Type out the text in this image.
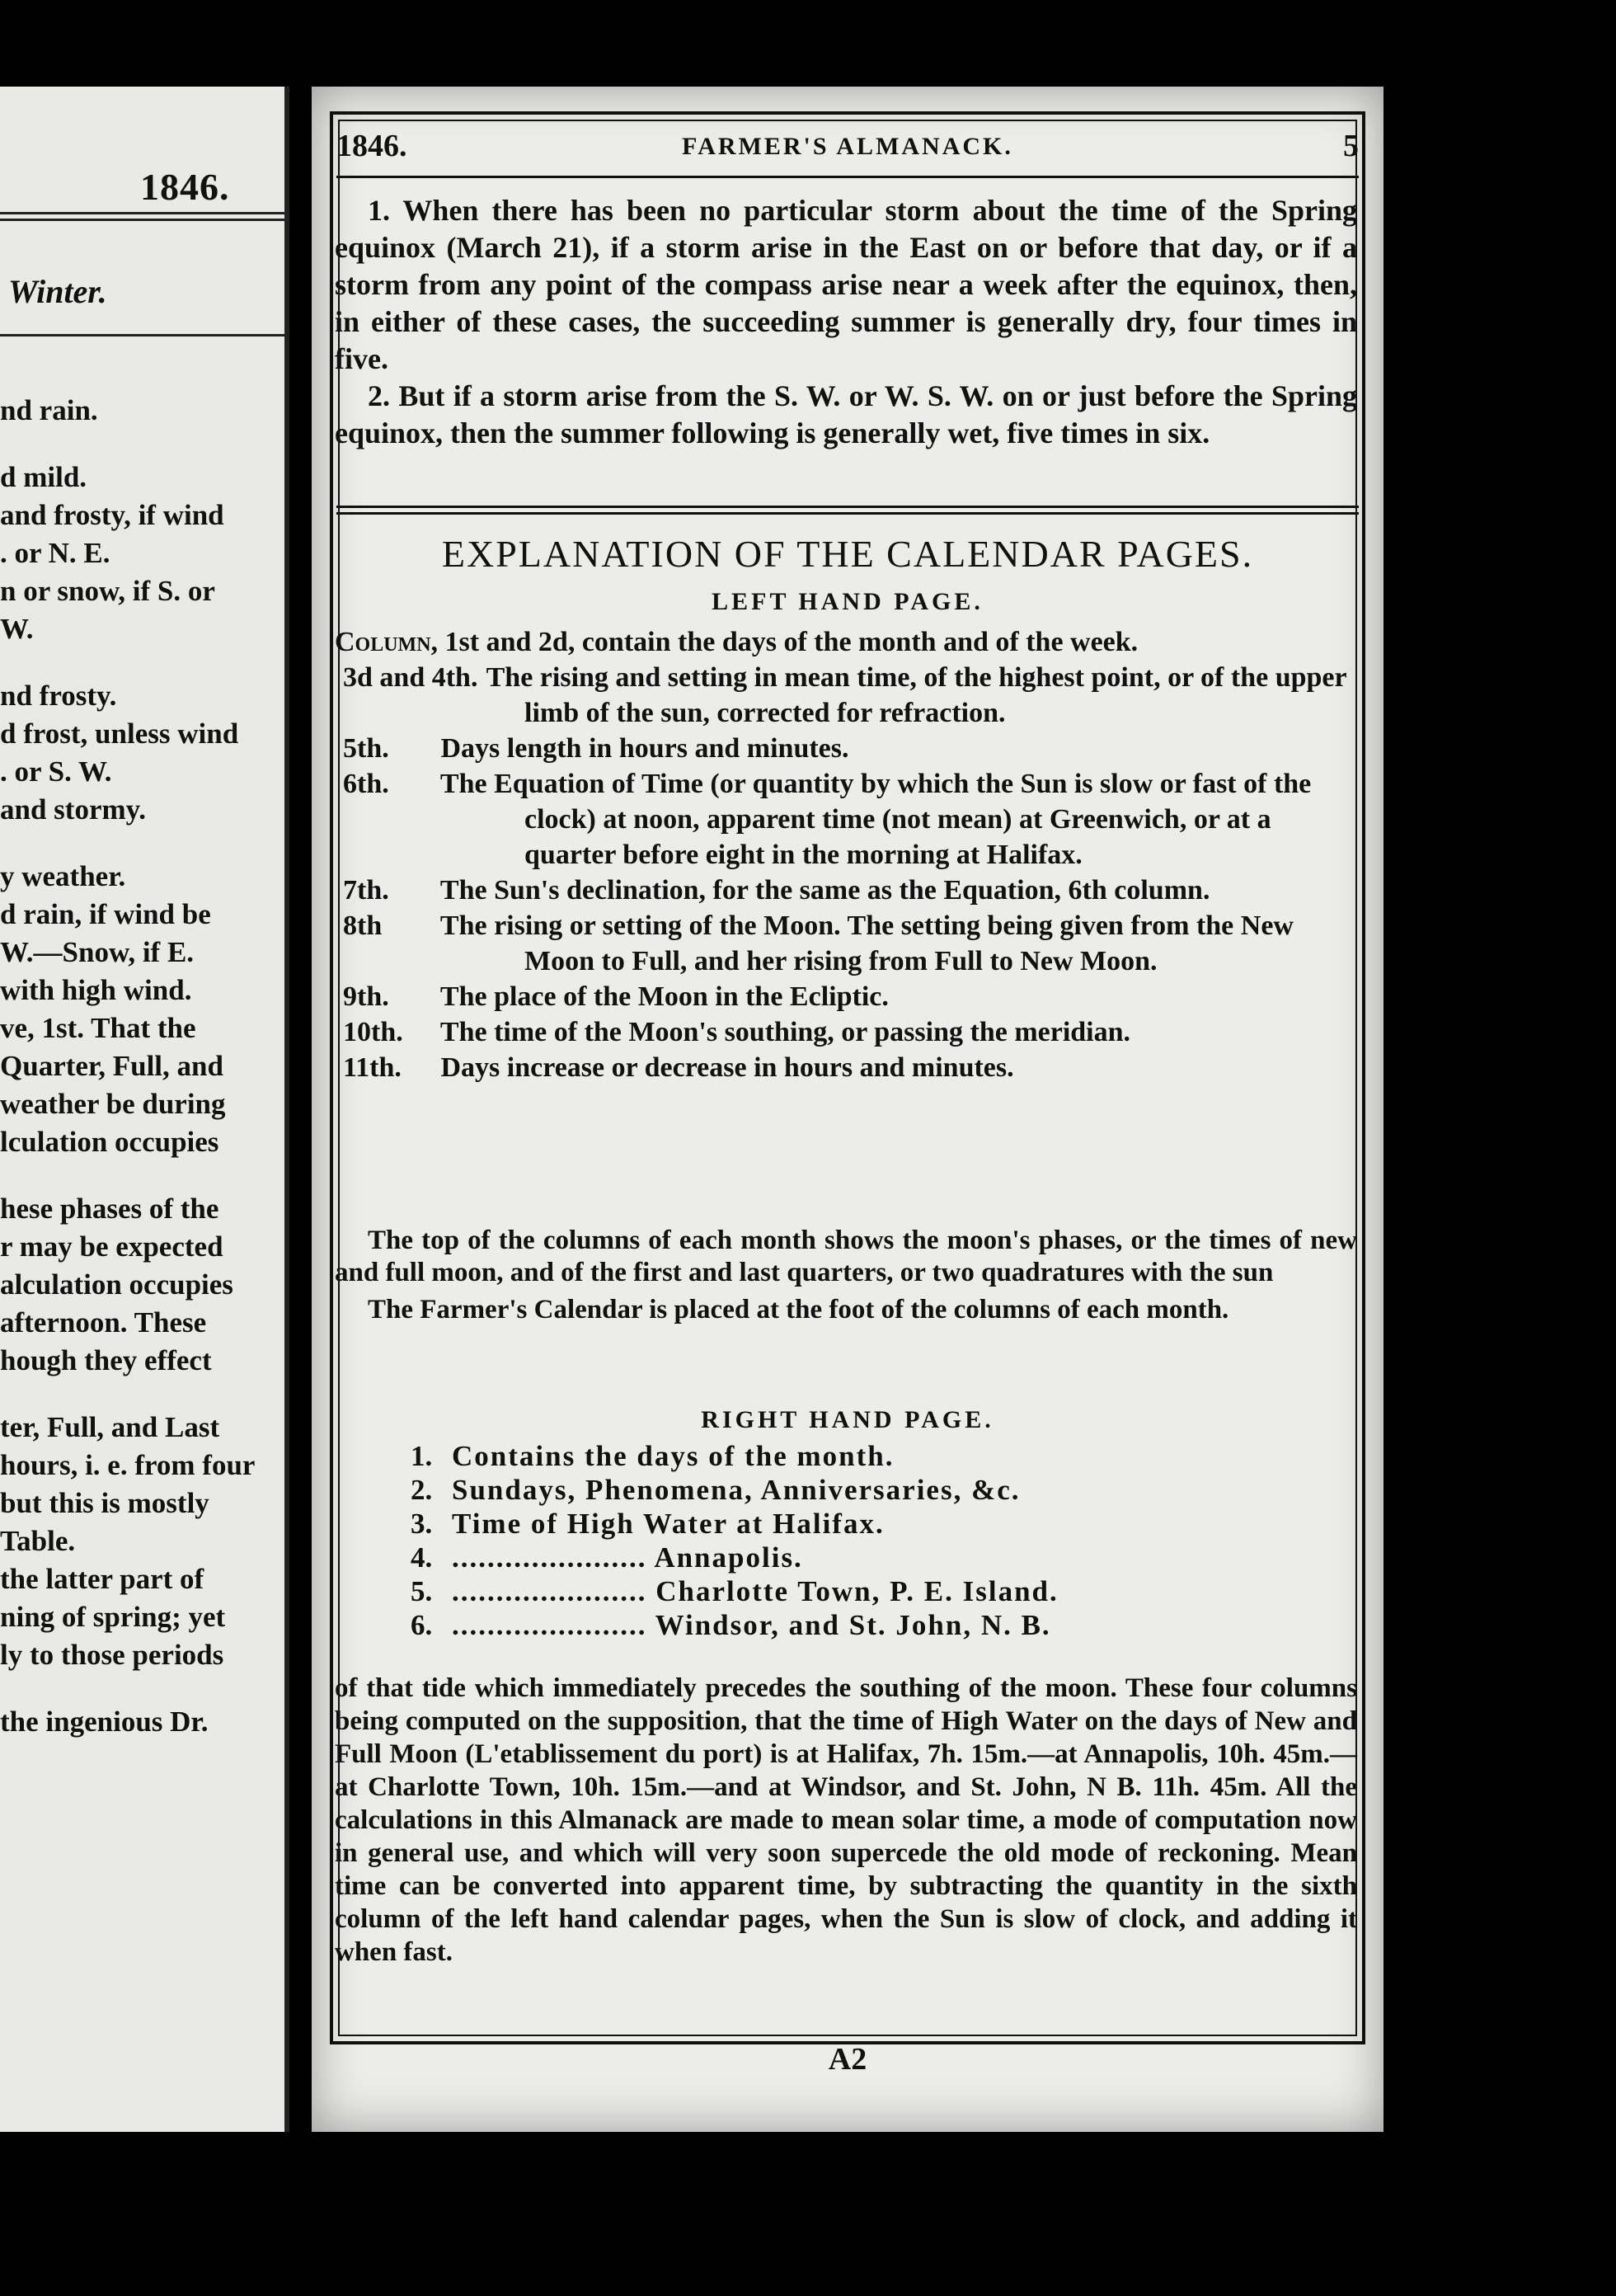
1846.
Winter.
nd rain.
d mild.
and frosty, if wind
. or N. E.
n or snow, if S. or
W.
nd frosty.
d frost, unless wind
. or S. W.
and stormy.
y weather.
d rain, if wind be
W.—Snow, if E.
with high wind.
ve, 1st. That the
Quarter, Full, and
weather be during
lculation occupies
hese phases of the
r may be expected
alculation occupies
afternoon. These
hough they effect
ter, Full, and Last
hours, i. e. from four
but this is mostly
Table.
the latter part of
ning of spring; yet
ly to those periods
the ingenious Dr.
1846.	FARMER'S ALMANACK.	5

1. When there has been no particular storm about the time of the Spring equinox (March 21), if a storm arise in the East on or before that day, or if a storm from any point of the compass arise near a week after the equinox, then, in either of these cases, the succeeding summer is generally dry, four times in five.

2. But if a storm arise from the S. W. or W. S. W. on or just before the Spring equinox, then the summer following is generally wet, five times in six.

EXPLANATION OF THE CALENDAR PAGES.
LEFT HAND PAGE.
Column, 1st and 2d, contain the days of the month and of the week.
3d and 4th. The rising and setting in mean time, of the highest point, or of the upper limb of the sun, corrected for refraction.
5th. Days length in hours and minutes.
6th. The Equation of Time (or quantity by which the Sun is slow or fast of the clock) at noon, apparent time (not mean) at Greenwich, or at a quarter before eight in the morning at Halifax.
7th. The Sun's declination, for the same as the Equation, 6th column.
8th The rising or setting of the Moon. The setting being given from the New Moon to Full, and her rising from Full to New Moon.
9th. The place of the Moon in the Ecliptic.
10th. The time of the Moon's southing, or passing the meridian.
11th. Days increase or decrease in hours and minutes.

The top of the columns of each month shows the moon's phases, or the times of new and full moon, and of the first and last quarters, or two quadratures with the sun

The Farmer's Calendar is placed at the foot of the columns of each month.

RIGHT HAND PAGE.
1. Contains the days of the month.
2. Sundays, Phenomena, Anniversaries, &c.
3. Time of High Water at Halifax.
4. ...................... Annapolis.
5. ...................... Charlotte Town, P. E. Island.
6. ...................... Windsor, and St. John, N. B.

of that tide which immediately precedes the southing of the moon. These four columns being computed on the supposition, that the time of High Water on the days of New and Full Moon (L'etablissement du port) is at Halifax, 7h. 15m.—at Annapolis, 10h. 45m.—at Charlotte Town, 10h. 15m.—and at Windsor, and St. John, N B. 11h. 45m. All the calculations in this Almanack are made to mean solar time, a mode of computation now in general use, and which will very soon supercede the old mode of reckoning. Mean time can be converted into apparent time, by subtracting the quantity in the sixth column of the left hand calendar pages, when the Sun is slow of clock, and adding it when fast.

A2
